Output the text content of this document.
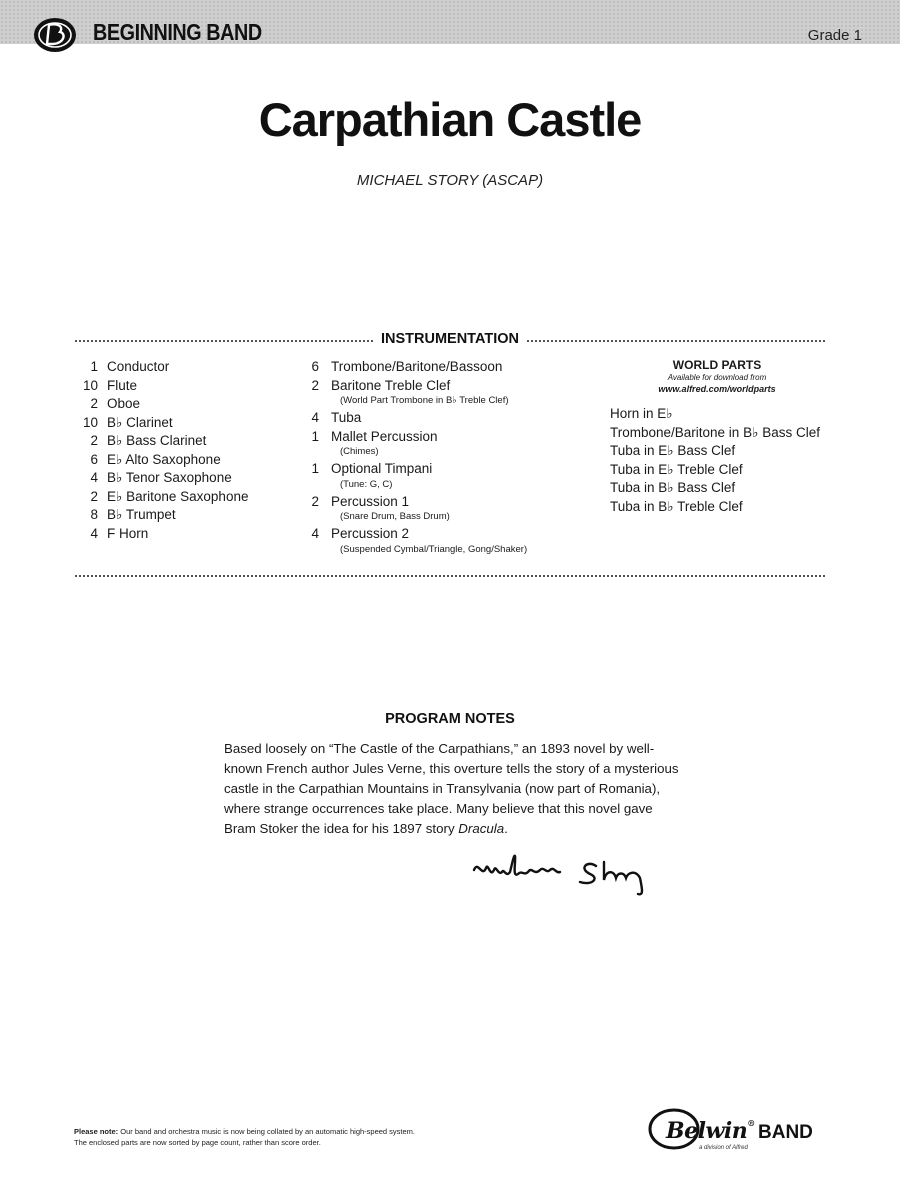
BEGINNING BAND	Grade 1
Carpathian Castle
MICHAEL STORY (ASCAP)
INSTRUMENTATION
1 Conductor
10 Flute
2 Oboe
10 B♭ Clarinet
2 B♭ Bass Clarinet
6 E♭ Alto Saxophone
4 B♭ Tenor Saxophone
2 E♭ Baritone Saxophone
8 B♭ Trumpet
4 F Horn
6 Trombone/Baritone/Bassoon
2 Baritone Treble Clef
(World Part Trombone in B♭ Treble Clef)
4 Tuba
1 Mallet Percussion
(Chimes)
1 Optional Timpani
(Tune: G, C)
2 Percussion 1
(Snare Drum, Bass Drum)
4 Percussion 2
(Suspended Cymbal/Triangle, Gong/Shaker)
WORLD PARTS
Available for download from
www.alfred.com/worldparts
Horn in E♭
Trombone/Baritone in B♭ Bass Clef
Tuba in E♭ Bass Clef
Tuba in E♭ Treble Clef
Tuba in B♭ Bass Clef
Tuba in B♭ Treble Clef
PROGRAM NOTES
Based loosely on “The Castle of the Carpathians,” an 1893 novel by well-known French author Jules Verne, this overture tells the story of a mysterious castle in the Carpathian Mountains in Transylvania (now part of Romania), where strange occurrences take place. Many believe that this novel gave Bram Stoker the idea for his 1897 story Dracula.
Please note: Our band and orchestra music is now being collated by an automatic high-speed system.
The enclosed parts are now sorted by page count, rather than score order.	Belwin® BAND
a division of Alfred
